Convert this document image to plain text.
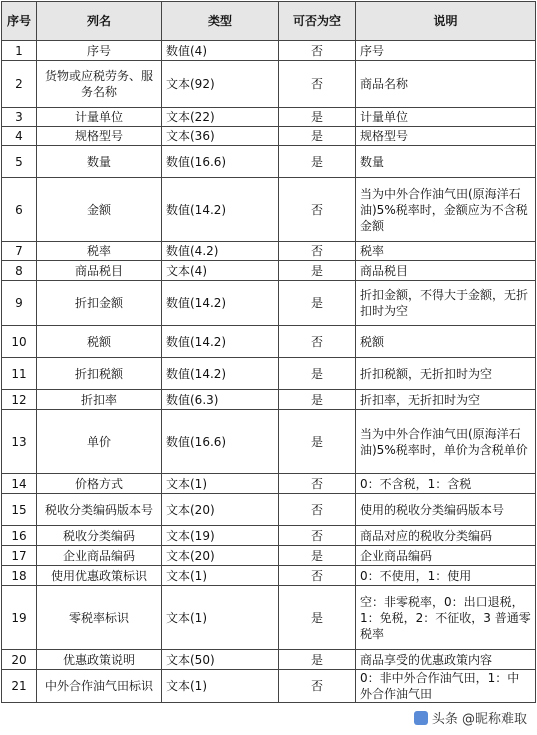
序号	列名	类型	可否为空	说明
1	序号	数值(4)	否	序号
2	货物或应税劳务、服务名称	文本(92)	否	商品名称
3	计量单位	文本(22)	是	计量单位
4	规格型号	文本(36)	是	规格型号
5	数量	数值(16.6)	是	数量
6	金额	数值(14.2)	否	当为中外合作油气田(原海洋石油)5%税率时，金额应为不含税金额
7	税率	数值(4.2)	否	税率
8	商品税目	文本(4)	是	商品税目
9	折扣金额	数值(14.2)	是	折扣金额，不得大于金额，无折扣时为空
10	税额	数值(14.2)	否	税额
11	折扣税额	数值(14.2)	是	折扣税额，无折扣时为空
12	折扣率	数值(6.3)	是	折扣率，无折扣时为空
13	单价	数值(16.6)	是	当为中外合作油气田(原海洋石油)5%税率时，单价为含税单价
14	价格方式	文本(1)	否	0：不含税，1：含税
15	税收分类编码版本号	文本(20)	否	使用的税收分类编码版本号
16	税收分类编码	文本(19)	否	商品对应的税收分类编码
17	企业商品编码	文本(20)	是	企业商品编码
18	使用优惠政策标识	文本(1)	否	0：不使用，1：使用
19	零税率标识	文本(1)	是	空：非零税率，0：出口退税，1：免税，2：不征收，3 普通零税率
20	优惠政策说明	文本(50)	是	商品享受的优惠政策内容
21	中外合作油气田标识	文本(1)	否	0：非中外合作油气田，1：中外合作油气田
头条 @昵称难取
